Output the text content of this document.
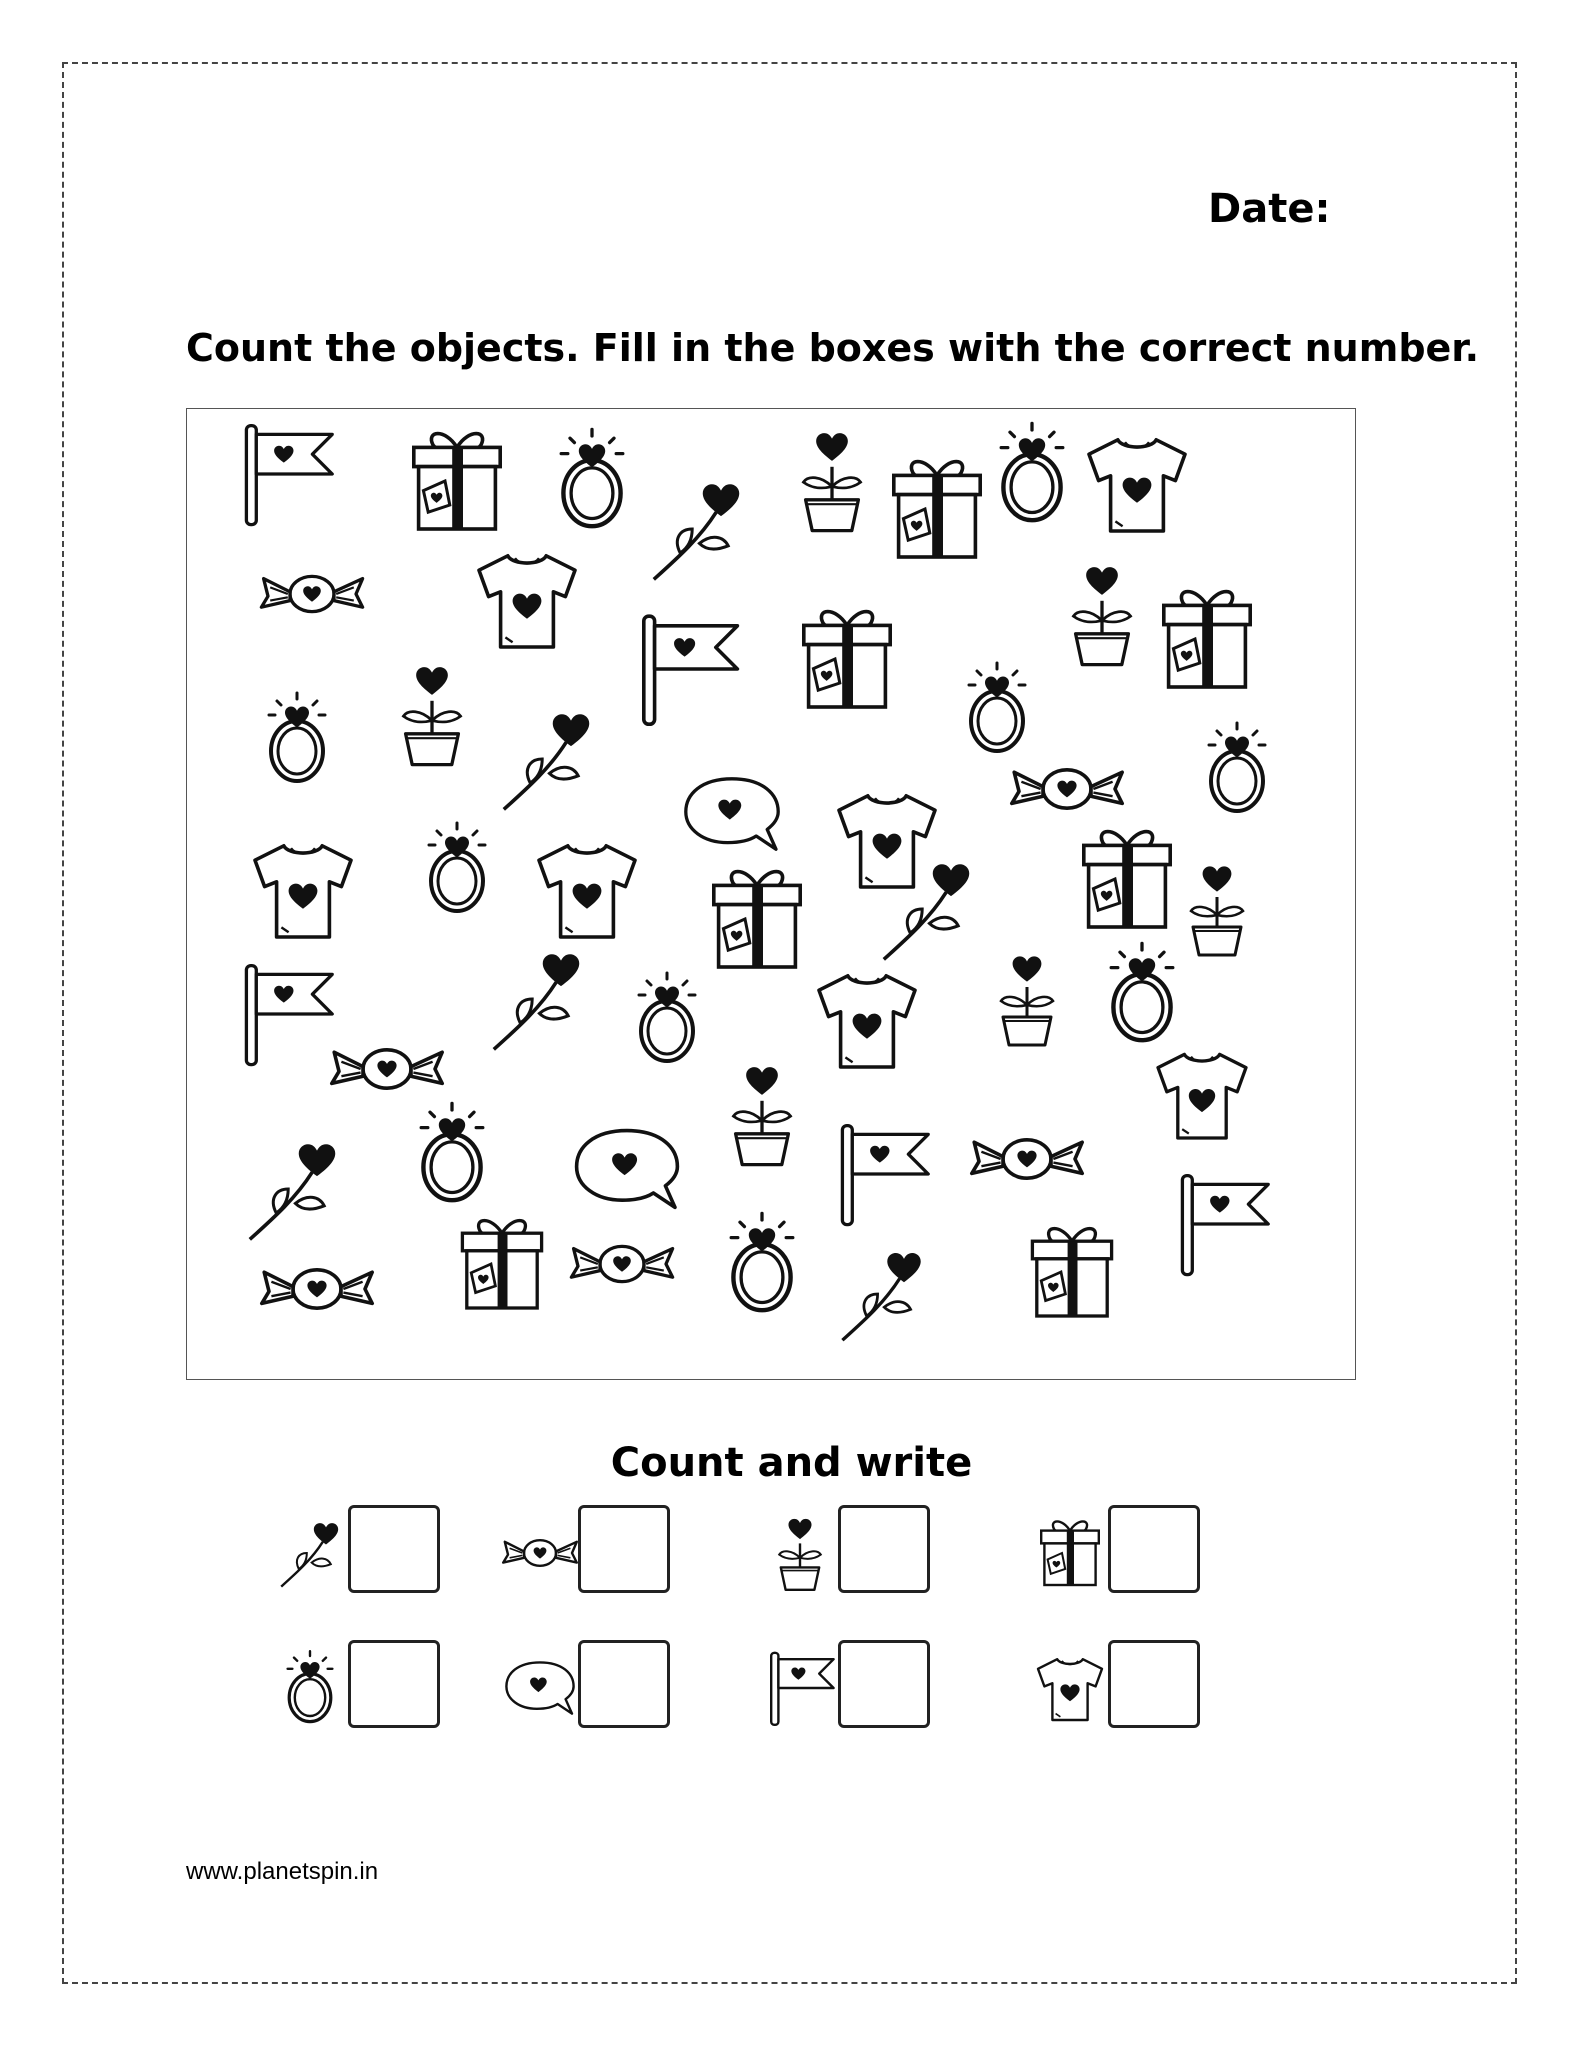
Date:
Count the objects. Fill in the boxes with the correct number.
Count and write
www.planetspin.in
